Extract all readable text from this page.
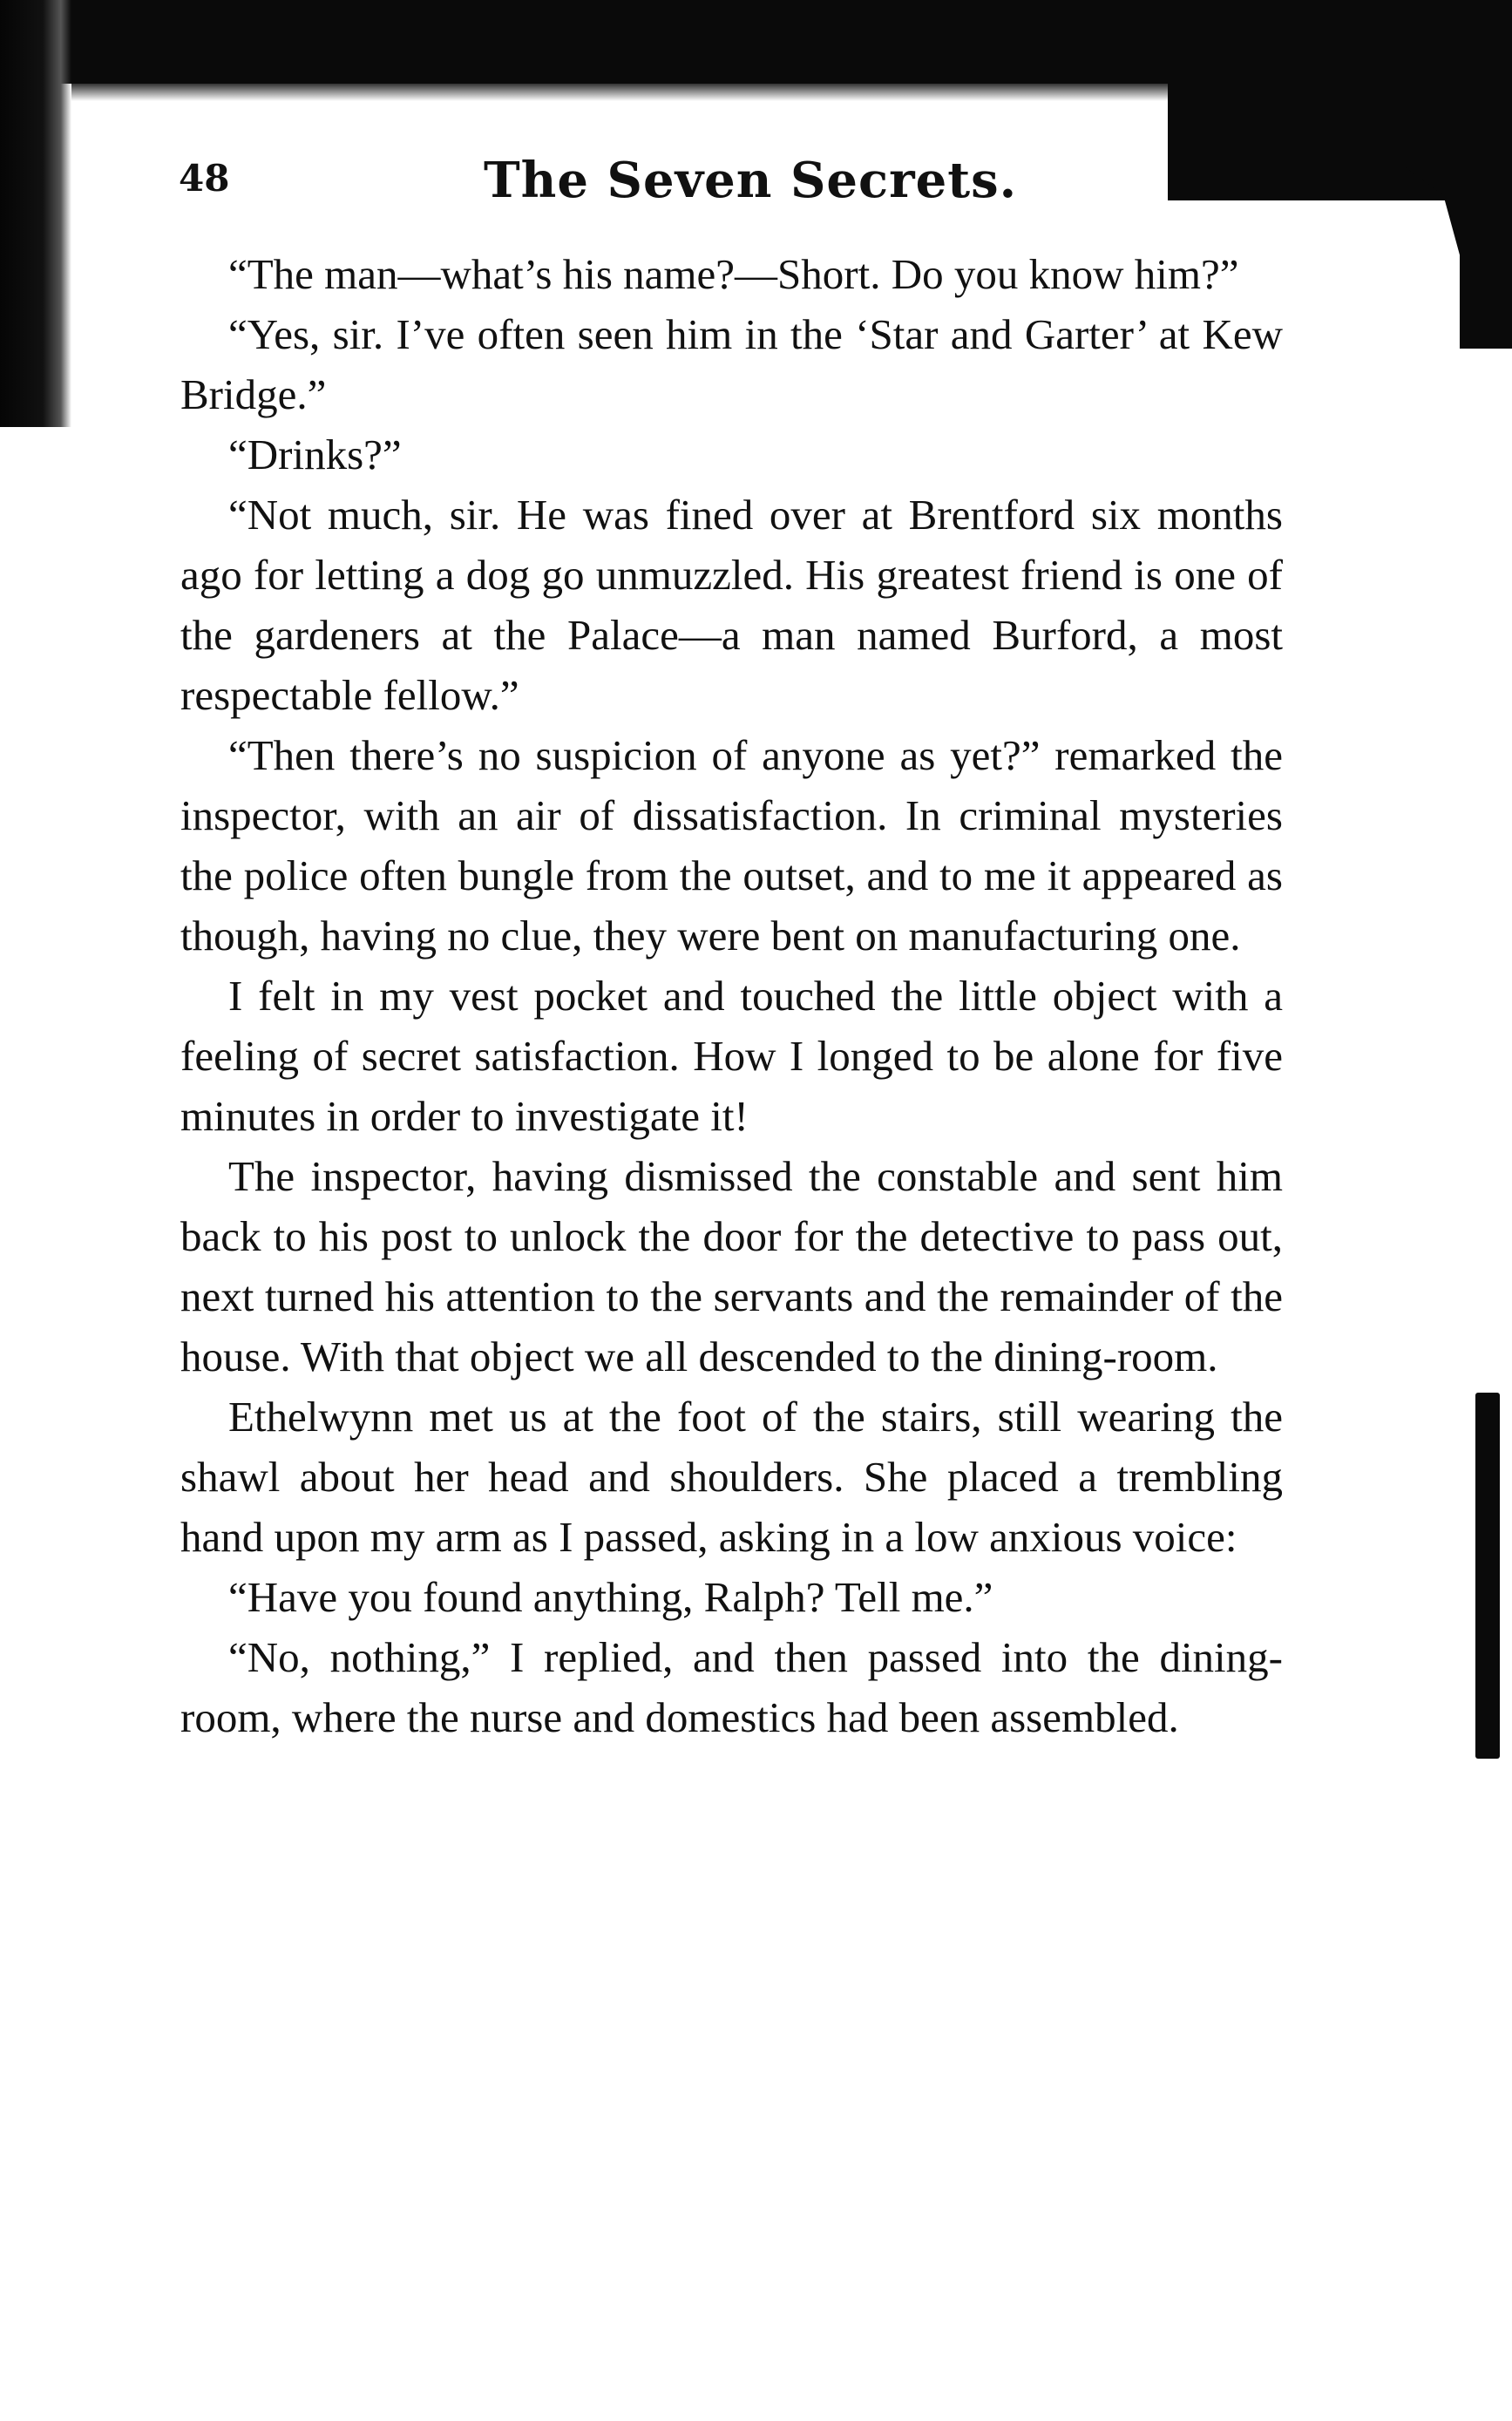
48	The Seven Secrets.

“The man—what’s his name?—Short. Do you know him?”

“Yes, sir. I’ve often seen him in the ‘Star and Garter’ at Kew Bridge.”

“Drinks?”

“Not much, sir. He was fined over at Brentford six months ago for letting a dog go unmuzzled. His greatest friend is one of the gardeners at the Palace—a man named Burford, a most respectable fellow.”

“Then there’s no suspicion of anyone as yet?” remarked the inspector, with an air of dissatisfaction. In criminal mysteries the police often bungle from the outset, and to me it appeared as though, having no clue, they were bent on manufacturing one.

I felt in my vest pocket and touched the little object with a feeling of secret satisfaction. How I longed to be alone for five minutes in order to investigate it!

The inspector, having dismissed the constable and sent him back to his post to unlock the door for the detective to pass out, next turned his attention to the servants and the remainder of the house. With that object we all descended to the dining-room.

Ethelwynn met us at the foot of the stairs, still wearing the shawl about her head and shoulders. She placed a trembling hand upon my arm as I passed, asking in a low anxious voice:

“Have you found anything, Ralph? Tell me.”

“No, nothing,” I replied, and then passed into the dining-room, where the nurse and domestics had been assembled.
